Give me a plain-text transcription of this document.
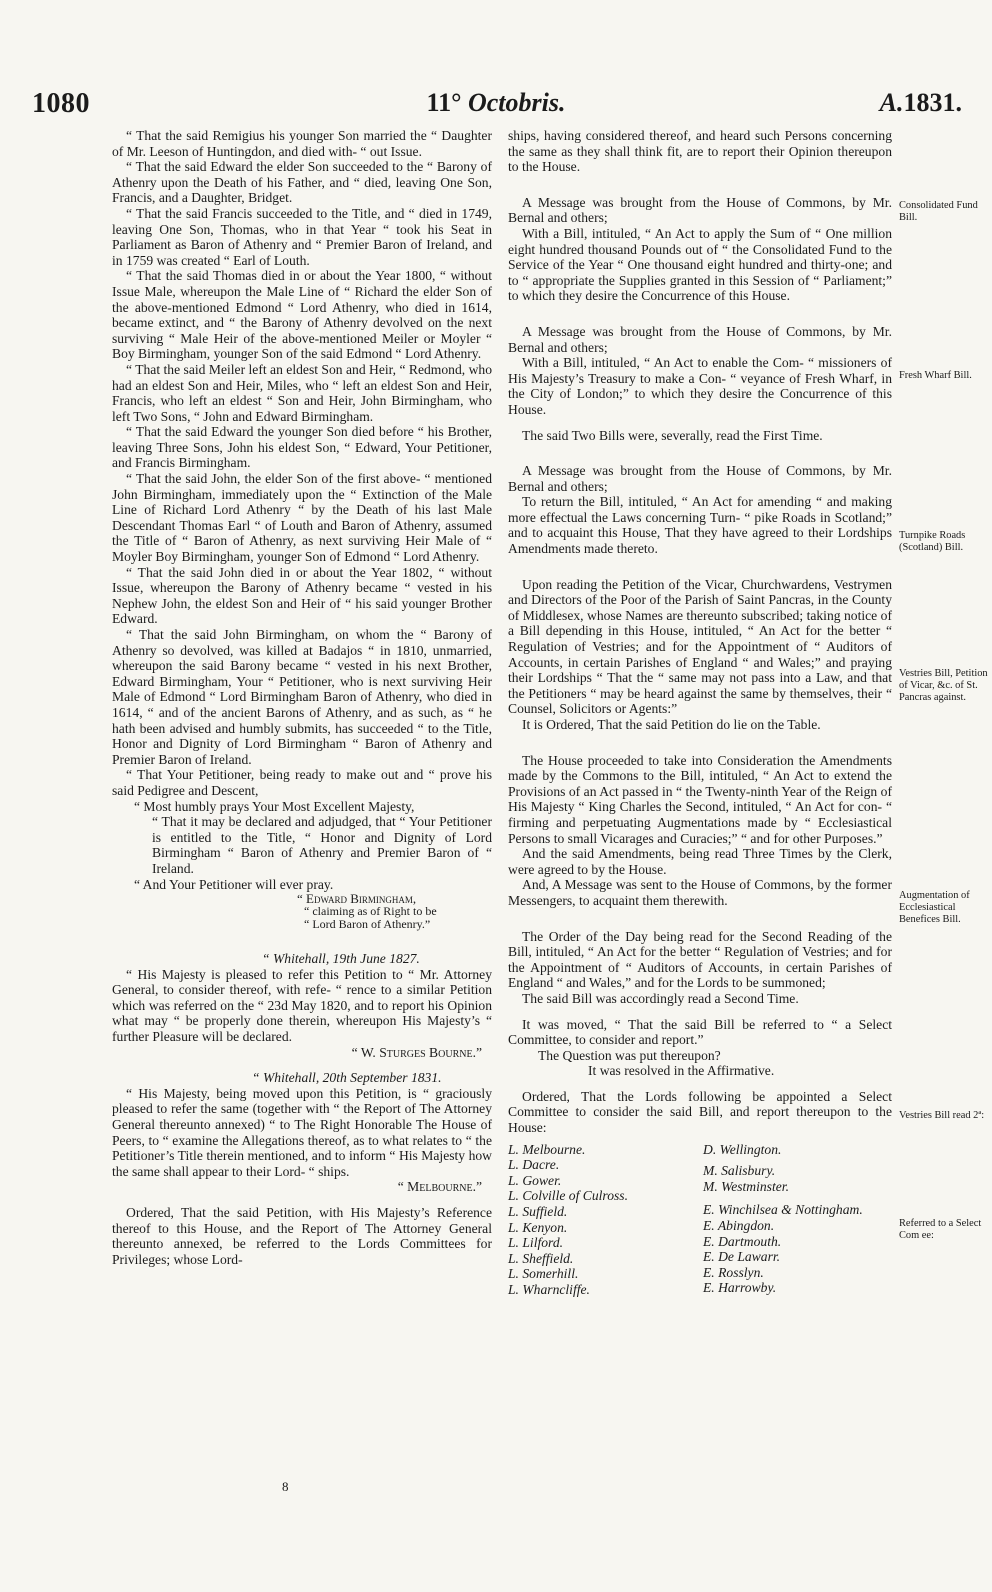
1080	11° Octobris.	A.1831.

“ That the said Remigius his younger Son married the “ Daughter of Mr. Leeson of Huntingdon, and died with- “ out Issue.

“ That the said Edward the elder Son succeeded to the “ Barony of Athenry upon the Death of his Father, and “ died, leaving One Son, Francis, and a Daughter, Bridget.

“ That the said Francis succeeded to the Title, and “ died in 1749, leaving One Son, Thomas, who in that Year “ took his Seat in Parliament as Baron of Athenry and “ Premier Baron of Ireland, and in 1759 was created “ Earl of Louth.

“ That the said Thomas died in or about the Year 1800, “ without Issue Male, whereupon the Male Line of “ Richard the elder Son of the above-mentioned Edmond “ Lord Athenry, who died in 1614, became extinct, and “ the Barony of Athenry devolved on the next surviving “ Male Heir of the above-mentioned Meiler or Moyler “ Boy Birmingham, younger Son of the said Edmond “ Lord Athenry.

“ That the said Meiler left an eldest Son and Heir, “ Redmond, who had an eldest Son and Heir, Miles, who “ left an eldest Son and Heir, Francis, who left an eldest “ Son and Heir, John Birmingham, who left Two Sons, “ John and Edward Birmingham.

“ That the said Edward the younger Son died before “ his Brother, leaving Three Sons, John his eldest Son, “ Edward, Your Petitioner, and Francis Birmingham.

“ That the said John, the elder Son of the first above- “ mentioned John Birmingham, immediately upon the “ Extinction of the Male Line of Richard Lord Athenry “ by the Death of his last Male Descendant Thomas Earl “ of Louth and Baron of Athenry, assumed the Title of “ Baron of Athenry, as next surviving Heir Male of “ Moyler Boy Birmingham, younger Son of Edmond “ Lord Athenry.

“ That the said John died in or about the Year 1802, “ without Issue, whereupon the Barony of Athenry became “ vested in his Nephew John, the eldest Son and Heir of “ his said younger Brother Edward.

“ That the said John Birmingham, on whom the “ Barony of Athenry so devolved, was killed at Badajos “ in 1810, unmarried, whereupon the said Barony became “ vested in his next Brother, Edward Birmingham, Your “ Petitioner, who is next surviving Heir Male of Edmond “ Lord Birmingham Baron of Athenry, who died in 1614, “ and of the ancient Barons of Athenry, and as such, as “ he hath been advised and humbly submits, has succeeded “ to the Title, Honor and Dignity of Lord Birmingham “ Baron of Athenry and Premier Baron of Ireland.

“ That Your Petitioner, being ready to make out and “ prove his said Pedigree and Descent,

“ Most humbly prays Your Most Excellent Majesty,

“ That it may be declared and adjudged, that “ Your Petitioner is entitled to the Title, “ Honor and Dignity of Lord Birmingham “ Baron of Athenry and Premier Baron of “ Ireland.

“ And Your Petitioner will ever pray.

“ Edward Birmingham,

“ claiming as of Right to be

“ Lord Baron of Athenry.”

“ Whitehall, 19th June 1827.

“ His Majesty is pleased to refer this Petition to “ Mr. Attorney General, to consider thereof, with refe- “ rence to a similar Petition which was referred on the “ 23d May 1820, and to report his Opinion what may “ be properly done therein, whereupon His Majesty’s “ further Pleasure will be declared.

“ W. Sturges Bourne.”

“ Whitehall, 20th September 1831.

“ His Majesty, being moved upon this Petition, is “ graciously pleased to refer the same (together with “ the Report of The Attorney General thereunto annexed) “ to The Right Honorable The House of Peers, to “ examine the Allegations thereof, as to what relates to “ the Petitioner’s Title therein mentioned, and to inform “ His Majesty how the same shall appear to their Lord- “ ships.

“ Melbourne.”

Ordered, That the said Petition, with His Majesty’s Reference thereof to this House, and the Report of The Attorney General thereunto annexed, be referred to the Lords Committees for Privileges; whose Lord-

8

ships, having considered thereof, and heard such Persons concerning the same as they shall think fit, are to report their Opinion thereupon to the House.

A Message was brought from the House of Commons, by Mr. Bernal and others;

With a Bill, intituled, “ An Act to apply the Sum of “ One million eight hundred thousand Pounds out of “ the Consolidated Fund to the Service of the Year “ One thousand eight hundred and thirty-one; and to “ appropriate the Supplies granted in this Session of “ Parliament;” to which they desire the Concurrence of this House.

A Message was brought from the House of Commons, by Mr. Bernal and others;

With a Bill, intituled, “ An Act to enable the Com- “ missioners of His Majesty’s Treasury to make a Con- “ veyance of Fresh Wharf, in the City of London;” to which they desire the Concurrence of this House.

The said Two Bills were, severally, read the First Time.

A Message was brought from the House of Commons, by Mr. Bernal and others;

To return the Bill, intituled, “ An Act for amending “ and making more effectual the Laws concerning Turn- “ pike Roads in Scotland;” and to acquaint this House, That they have agreed to their Lordships Amendments made thereto.

Upon reading the Petition of the Vicar, Churchwardens, Vestrymen and Directors of the Poor of the Parish of Saint Pancras, in the County of Middlesex, whose Names are thereunto subscribed; taking notice of a Bill depending in this House, intituled, “ An Act for the better “ Regulation of Vestries; and for the Appointment of “ Auditors of Accounts, in certain Parishes of England “ and Wales;” and praying their Lordships “ That the “ same may not pass into a Law, and that the Petitioners “ may be heard against the same by themselves, their “ Counsel, Solicitors or Agents:”

It is Ordered, That the said Petition do lie on the Table.

The House proceeded to take into Consideration the Amendments made by the Commons to the Bill, intituled, “ An Act to extend the Provisions of an Act passed in “ the Twenty-ninth Year of the Reign of His Majesty “ King Charles the Second, intituled, “ An Act for con- “ firming and perpetuating Augmentations made by “ Ecclesiastical Persons to small Vicarages and Curacies;” “ and for other Purposes.”

And the said Amendments, being read Three Times by the Clerk, were agreed to by the House.

And, A Message was sent to the House of Commons, by the former Messengers, to acquaint them therewith.

The Order of the Day being read for the Second Reading of the Bill, intituled, “ An Act for the better “ Regulation of Vestries; and for the Appointment of “ Auditors of Accounts, in certain Parishes of England “ and Wales,” and for the Lords to be summoned;

The said Bill was accordingly read a Second Time.

It was moved, “ That the said Bill be referred to “ a Select Committee, to consider and report.”

The Question was put thereupon?

It was resolved in the Affirmative.

Ordered, That the Lords following be appointed a Select Committee to consider the said Bill, and report thereupon to the House:

L. Melbourne.
L. Dacre.
L. Gower.
L. Colville of Culross.
L. Suffield.
L. Kenyon.
L. Lilford.
L. Sheffield.
L. Somerhill.
L. Wharncliffe.
D. Wellington.
M. Salisbury.
M. Westminster.
E. Winchilsea & Nottingham.
E. Abingdon.
E. Dartmouth.
E. De Lawarr.
E. Rosslyn.
E. Harrowby.
Consolidated Fund Bill.
Fresh Wharf Bill.
Turnpike Roads (Scotland) Bill.
Vestries Bill, Petition of Vicar, &c. of St. Pancras against.
Augmentation of Ecclesiastical Benefices Bill.
Vestries Bill read 2ª:
Referred to a Select Com ee:
